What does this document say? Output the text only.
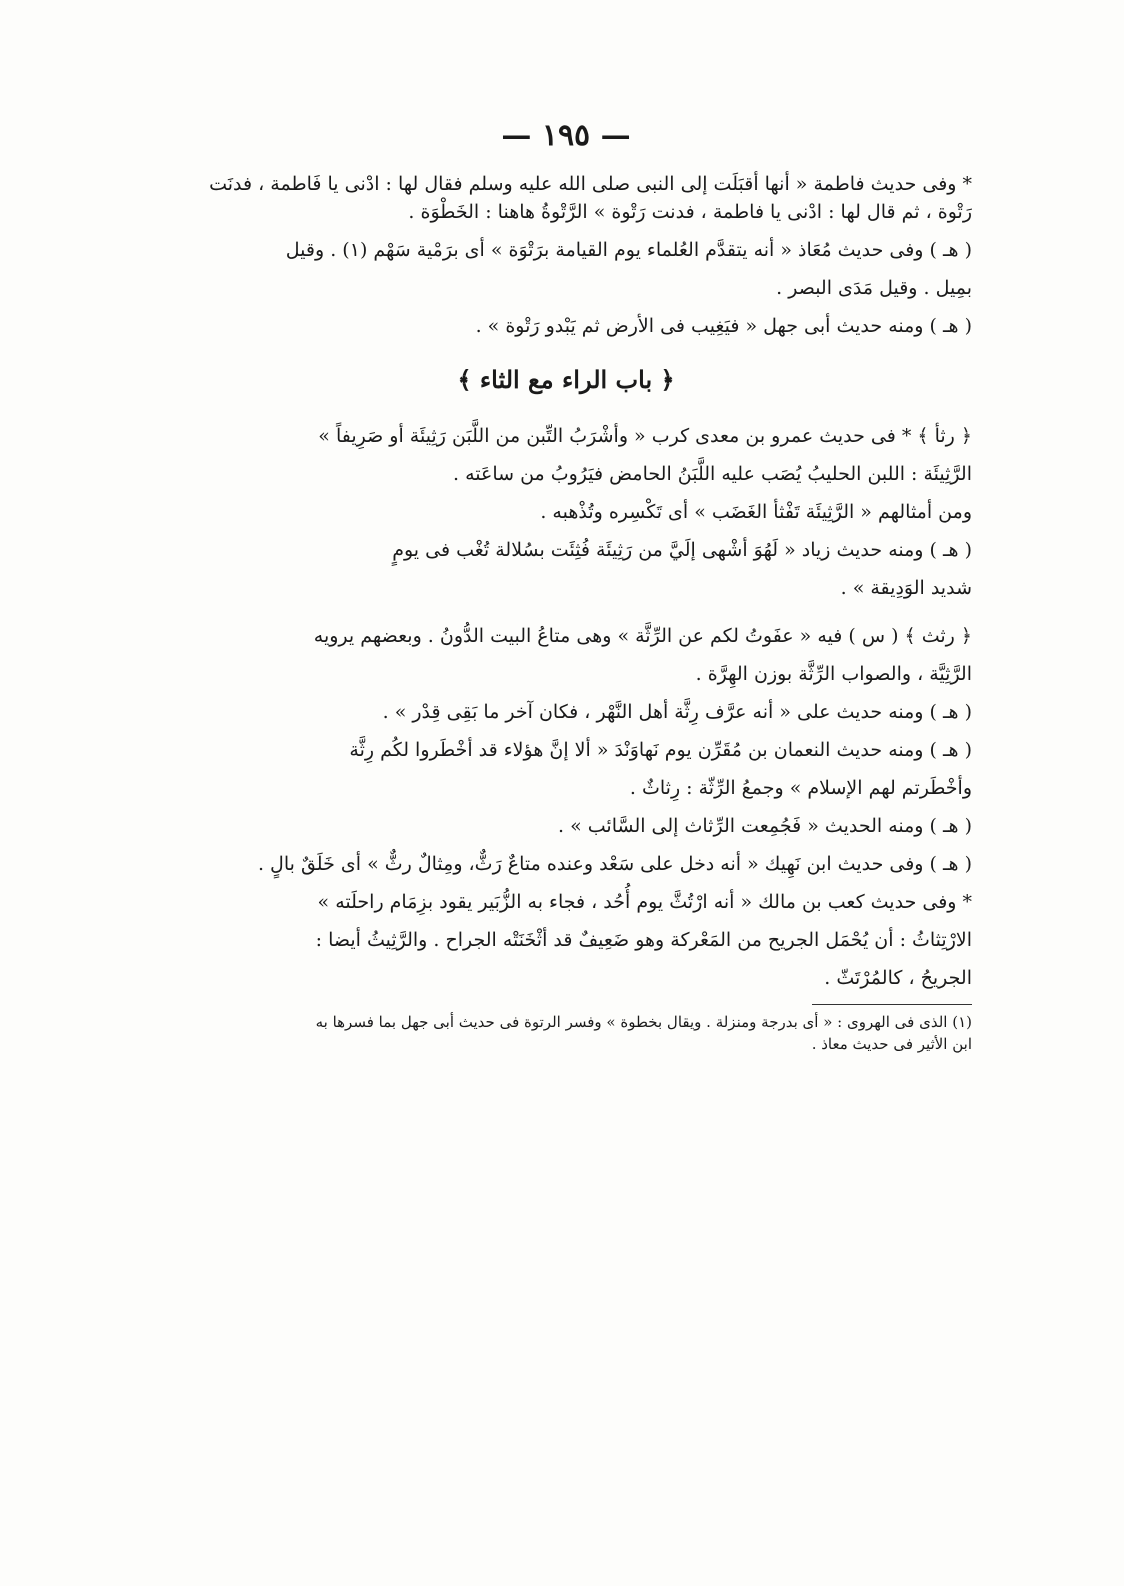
— ١٩٥ —

* وفى حديث فاطمة « أنها أقبَلَت إلى النبى صلى الله عليه وسلم فقال لها : ادْنى يا فَاطمة ، فدنَت

رَتْوة ، ثم قال لها : ادْنى يا فاطمة ، فدنت رَتْوة » الرَّتْوةُ هاهنا : الخَطْوَة .

( هـ ) وفى حديث مُعَاذ « أنه يتقدَّم العُلماء يوم القيامة برَتْوَة » أى برَمْية سَهْم (١) . وقيل

بمِيل . وقيل مَدَى البصر .

( هـ ) ومنه حديث أبى جهل « فيَغِيب فى الأرض ثم يَبْدو رَتْوة » .

﴿ باب الراء مع الثاء ﴾

﴿ رثأ ﴾ * فى حديث عمرو بن معدى كرب « وأشْرَبُ التِّبن من اللَّبَن رَثِيئَة أو صَرِيفاً »

الرَّثِيئَة : اللبن الحليبُ يُصَب عليه اللَّبَنُ الحامض فيَرُوبُ من ساعَته .

ومن أمثالهم « الرَّثِيئَة تَفْثأ الغَضَب » أى تَكْسِره وتُذْهبه .

( هـ ) ومنه حديث زياد « لَهُوَ أشْهى إلَيَّ من رَثِيئَة فُثِئَت بسُلالة تُغْب فى يومٍ

شديد الوَدِيقة » .

﴿ رثث ﴾ ( س ) فيه « عفَوتُ لكم عن الرِّثَّة » وهى متاعُ البيت الدُّونُ . وبعضهم يرويه

الرَّثِيَّة ، والصواب الرِّثَّة بوزن الهِرَّة .

( هـ ) ومنه حديث على « أنه عرَّف رِثَّة أهل النَّهْر ، فكان آخر ما بَقِى قِدْر » .

( هـ ) ومنه حديث النعمان بن مُقَرِّن يوم نَهاوَنْدَ « ألا إنَّ هؤلاء قد أخْطَروا لكُم رِثَّة

وأخْطَرتم لهم الإسلام » وجمعُ الرِّثّة : رِثاثٌ .

( هـ ) ومنه الحديث « فَجُمِعت الرِّثاث إلى السَّائب » .

( هـ ) وفى حديث ابن نَهِيك « أنه دخل على سَعْد وعنده متاعٌ رَثٌّ، ومِثالٌ رثٌّ » أى خَلَقٌ بالٍ .

* وفى حديث كعب بن مالك « أنه ارْتُثَّ يوم أُحُد ، فجاء به الزُّبَير يقود بزِمَام راحلَته »

الارْتِثاثُ : أن يُحْمَل الجريح من المَعْركة وهو ضَعِيفٌ قد أثْخَنَتْه الجراح . والرَّثِيثُ أيضا :

الجريحُ ، كالمُرْتَثّ .

(١) الذى فى الهروى : « أى بدرجة ومنزلة . ويقال بخطوة » وفسر الرتوة فى حديث أبى جهل بما فسرها به
ابن الأثير فى حديث معاذ .
